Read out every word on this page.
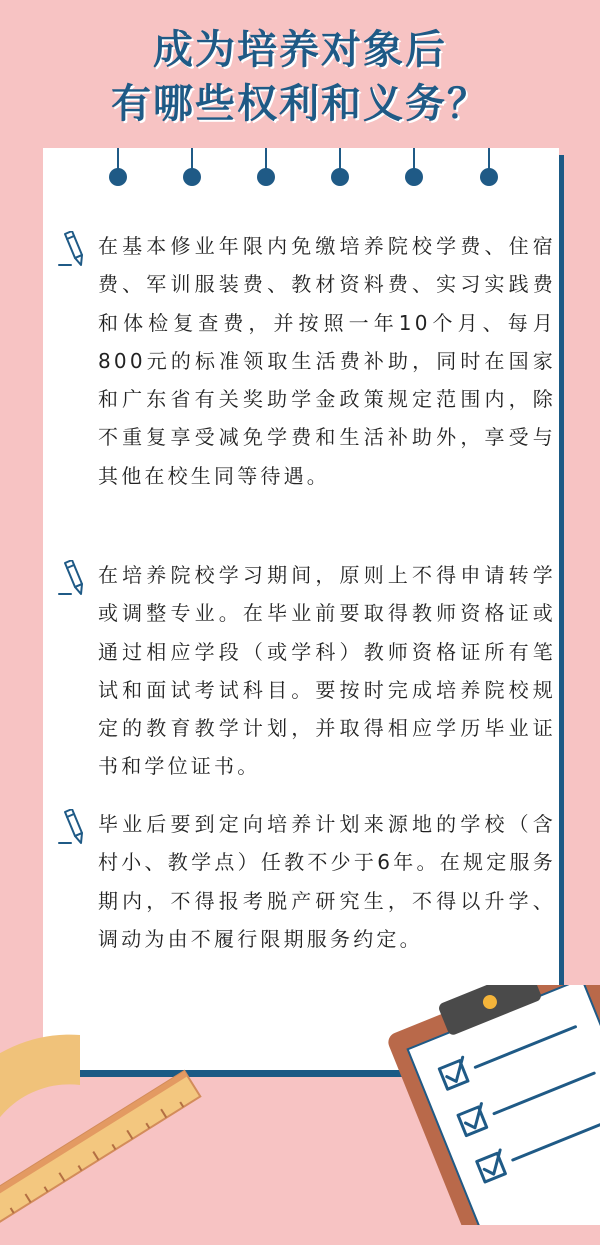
成为培养对象后
有哪些权利和义务？

在基本修业年限内免缴培养院校学费、住宿费、军训服装费、教材资料费、实习实践费和体检复查费，并按照一年10个月、每月800元的标准领取生活费补助，同时在国家和广东省有关奖助学金政策规定范围内，除不重复享受减免学费和生活补助外，享受与其他在校生同等待遇。

在培养院校学习期间，原则上不得申请转学或调整专业。在毕业前要取得教师资格证或通过相应学段（或学科）教师资格证所有笔试和面试考试科目。要按时完成培养院校规定的教育教学计划，并取得相应学历毕业证书和学位证书。

毕业后要到定向培养计划来源地的学校（含村小、教学点）任教不少于6年。在规定服务期内，不得报考脱产研究生，不得以升学、调动为由不履行限期服务约定。
